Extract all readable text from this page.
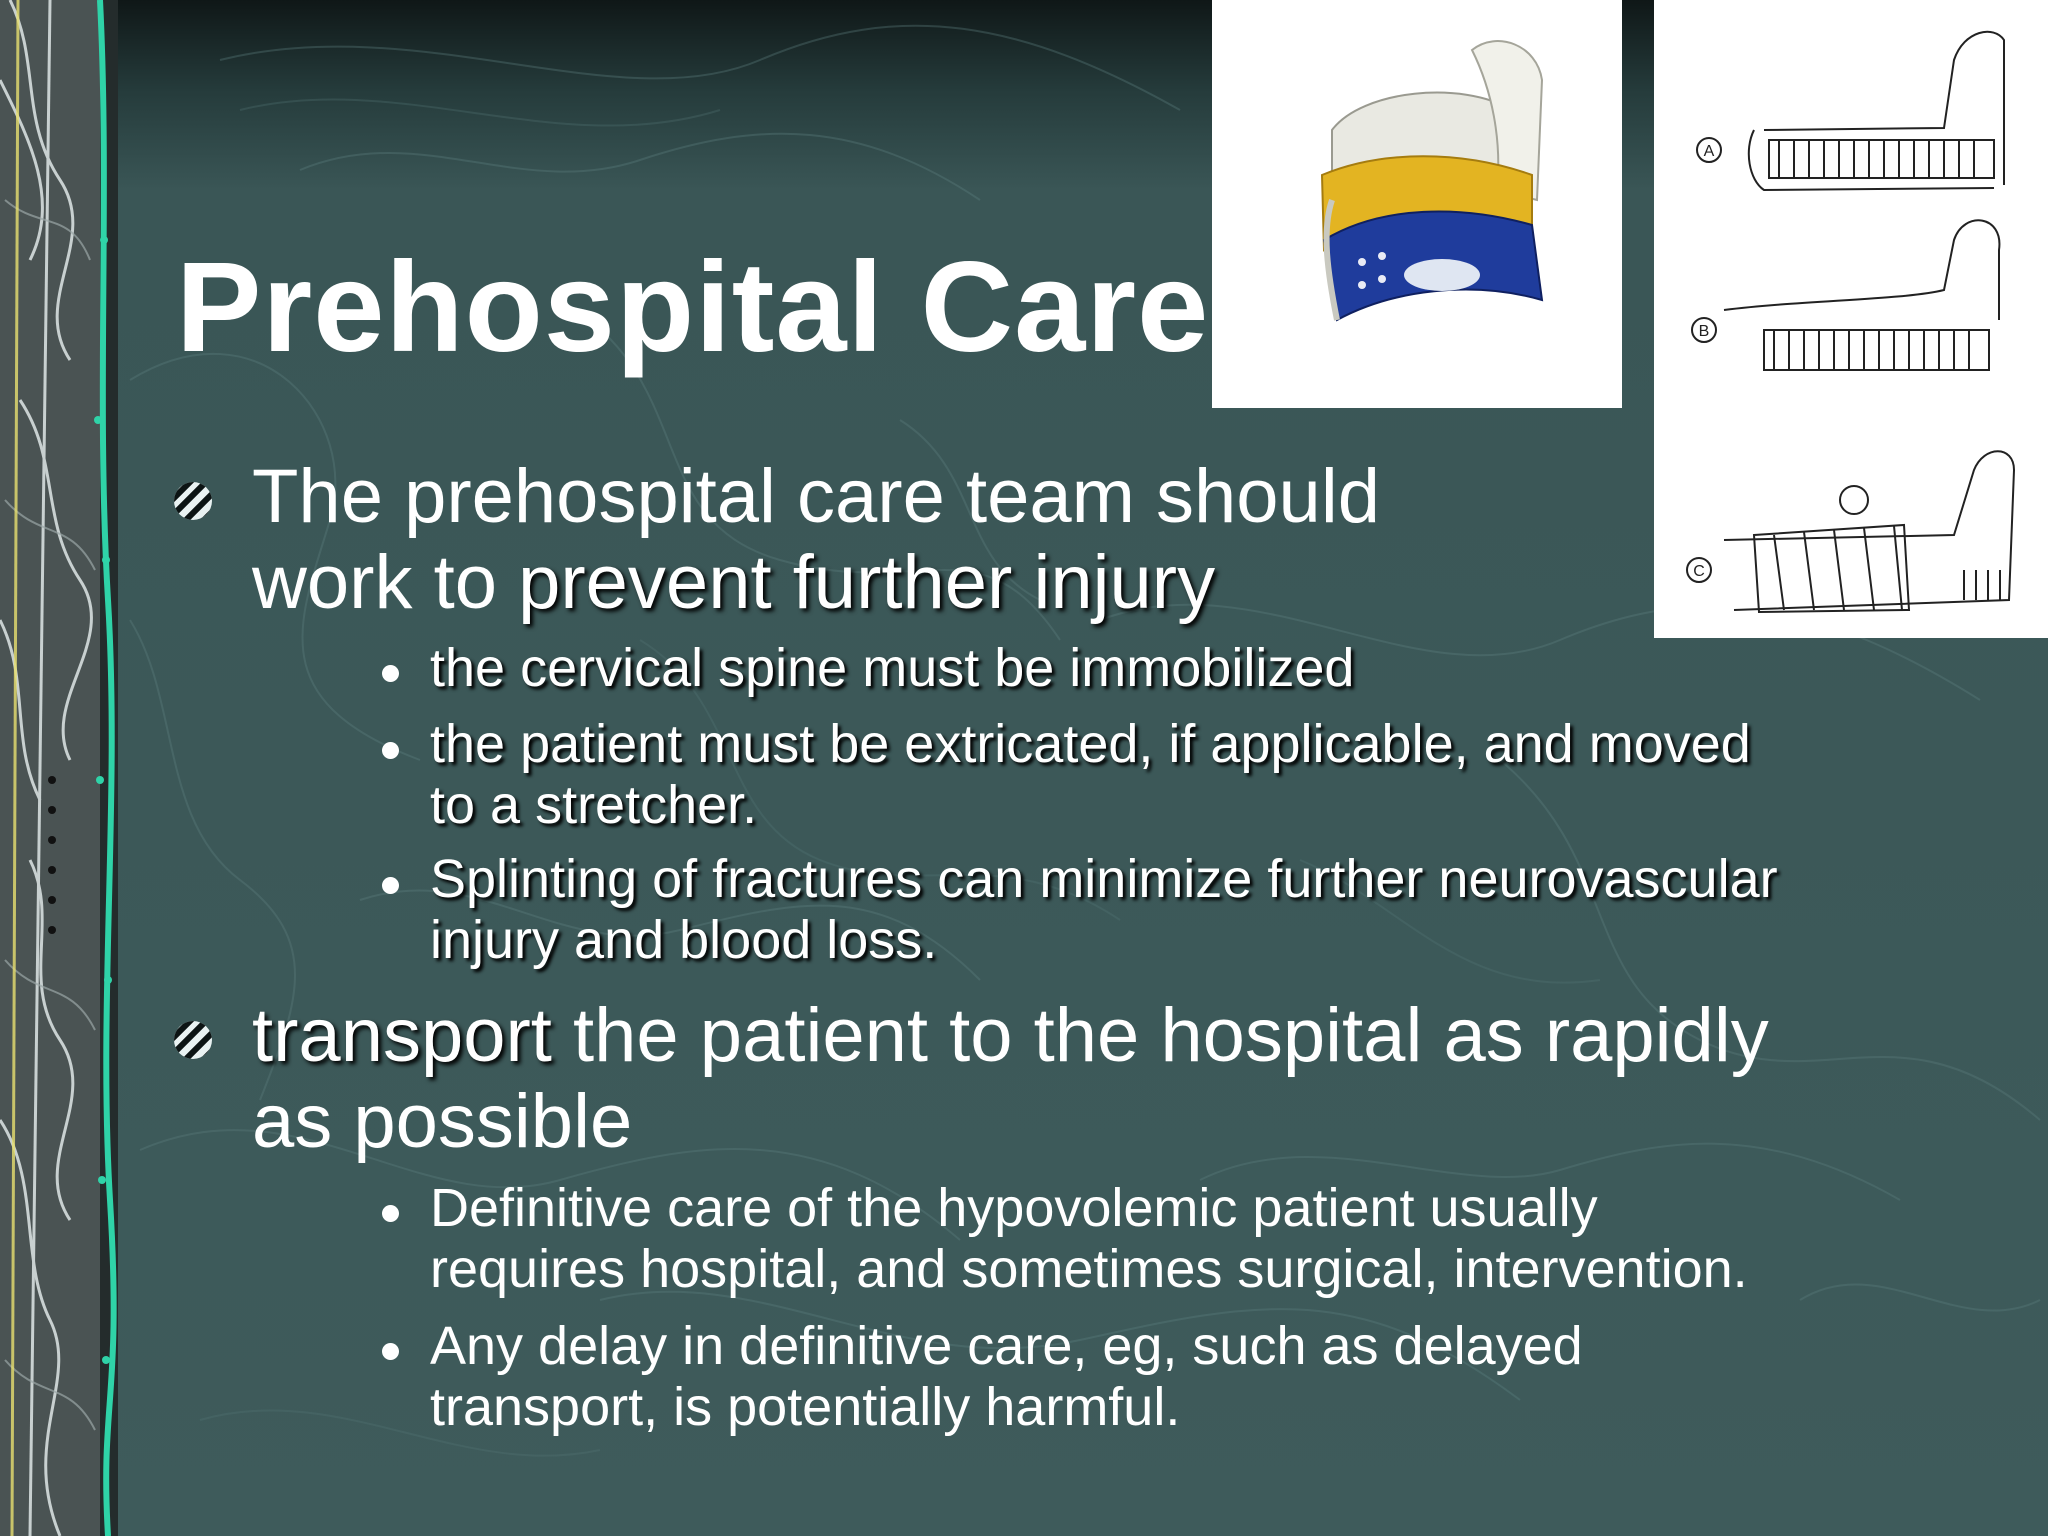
A
B
C
Prehospital Care
The prehospital care team should
work to prevent further injury
the cervical spine must be immobilized
the patient must be extricated, if applicable, and moved
to a stretcher.
Splinting of fractures can minimize further neurovascular
injury and blood loss.
transport the patient to the hospital as rapidly
as possible
Definitive care of the hypovolemic patient usually
requires hospital, and sometimes surgical, intervention.
Any delay in definitive care, eg, such as delayed
transport, is potentially harmful.
